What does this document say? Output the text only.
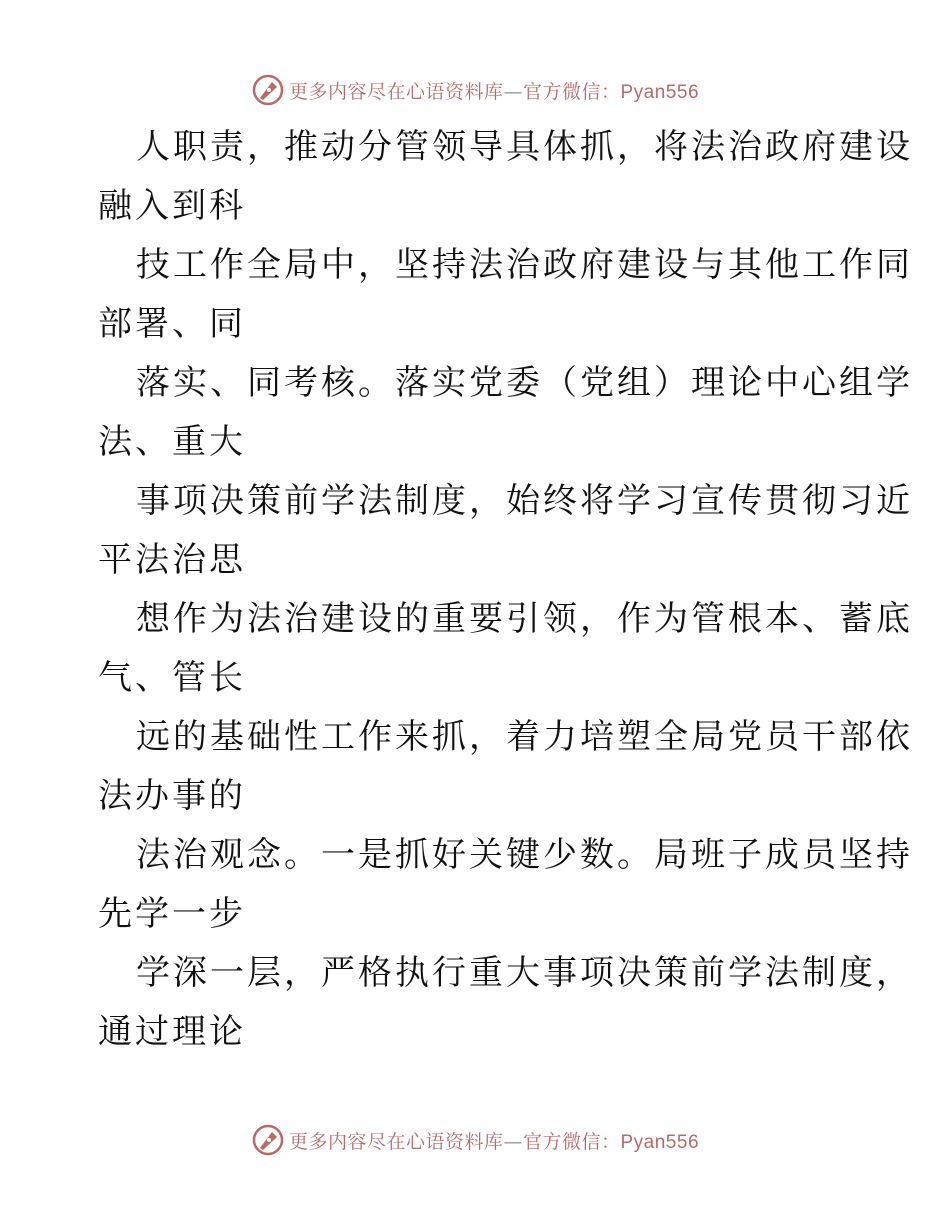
更多内容尽在心语资料库—官方微信：Pyan556

人职责，推动分管领导具体抓，将法治政府建设
融入到科

技工作全局中，坚持法治政府建设与其他工作同
部署、同

落实、同考核。落实党委（党组）理论中心组学
法、重大

事项决策前学法制度，始终将学习宣传贯彻习近
平法治思

想作为法治建设的重要引领，作为管根本、蓄底
气、管长

远的基础性工作来抓，着力培塑全局党员干部依
法办事的

法治观念。一是抓好关键少数。局班子成员坚持
先学一步

学深一层，严格执行重大事项决策前学法制度，
通过理论

更多内容尽在心语资料库—官方微信：Pyan556
